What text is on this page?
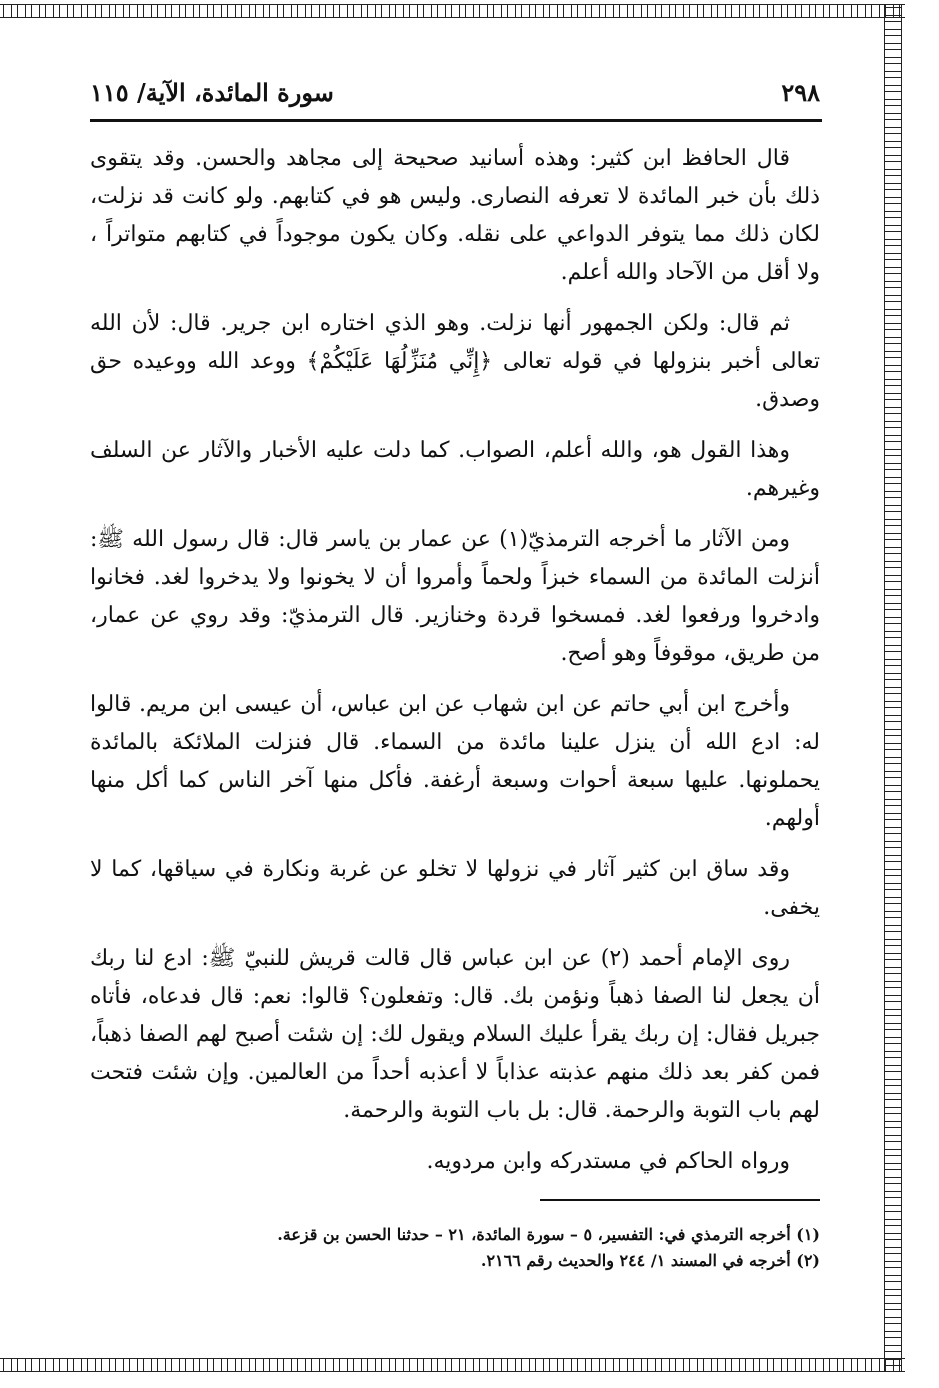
٢٩٨
سورة المائدة، الآية/ ١١٥

قال الحافظ ابن كثير: وهذه أسانيد صحيحة إلى مجاهد والحسن. وقد يتقوى ذلك بأن خبر المائدة لا تعرفه النصارى. وليس هو في كتابهم. ولو كانت قد نزلت، لكان ذلك مما يتوفر الدواعي على نقله. وكان يكون موجوداً في كتابهم متواتراً ، ولا أقل من الآحاد والله أعلم.

ثم قال: ولكن الجمهور أنها نزلت. وهو الذي اختاره ابن جرير. قال: لأن الله تعالى أخبر بنزولها في قوله تعالى ﴿إِنِّي مُنَزِّلُهَا عَلَيْكُمْ﴾ ووعد الله ووعيده حق وصدق.

وهذا القول هو، والله أعلم، الصواب. كما دلت عليه الأخبار والآثار عن السلف وغيرهم.

ومن الآثار ما أخرجه الترمذيّ(١) عن عمار بن ياسر قال: قال رسول الله ﷺ: أنزلت المائدة من السماء خبزاً ولحماً وأمروا أن لا يخونوا ولا يدخروا لغد. فخانوا وادخروا ورفعوا لغد. فمسخوا قردة وخنازير. قال الترمذيّ: وقد روي عن عمار، من طريق، موقوفاً وهو أصح.

وأخرج ابن أبي حاتم عن ابن شهاب عن ابن عباس، أن عيسى ابن مريم. قالوا له: ادع الله أن ينزل علينا مائدة من السماء. قال فنزلت الملائكة بالمائدة يحملونها. عليها سبعة أحوات وسبعة أرغفة. فأكل منها آخر الناس كما أكل منها أولهم.

وقد ساق ابن كثير آثار في نزولها لا تخلو عن غربة ونكارة في سياقها، كما لا يخفى.

روى الإمام أحمد (٢) عن ابن عباس قال قالت قريش للنبيّ ﷺ: ادع لنا ربك أن يجعل لنا الصفا ذهباً ونؤمن بك. قال: وتفعلون؟ قالوا: نعم: قال فدعاه، فأتاه جبريل فقال: إن ربك يقرأ عليك السلام ويقول لك: إن شئت أصبح لهم الصفا ذهباً، فمن كفر بعد ذلك منهم عذبته عذاباً لا أعذبه أحداً من العالمين. وإن شئت فتحت لهم باب التوبة والرحمة. قال: بل باب التوبة والرحمة.

ورواه الحاكم في مستدركه وابن مردويه.

(١) أخرجه الترمذي في: التفسير، ٥ – سورة المائدة، ٢١ – حدثنا الحسن بن قزعة.
(٢) أخرجه في المسند ١/ ٢٤٤ والحديث رقم ٢١٦٦.
